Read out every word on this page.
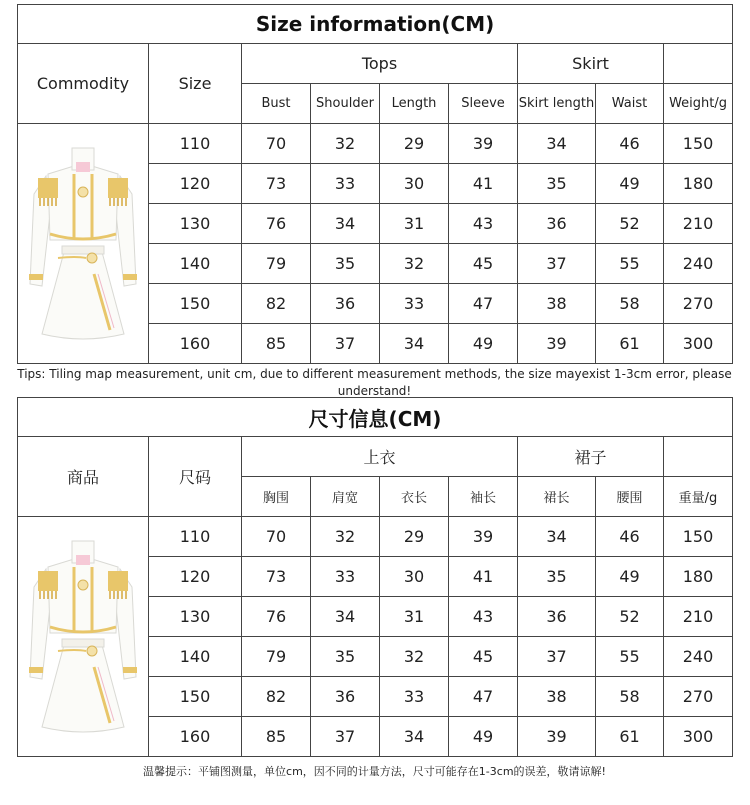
Size information(CM)								
Commodity	Size	Tops				Skirt		
		Bust	Shoulder	Length	Sleeve	Skirt length	Waist	Weight/g

	110	70	32	29	39	34	46	150
	120	73	33	30	41	35	49	180
	130	76	34	31	43	36	52	210
	140	79	35	32	45	37	55	240
	150	82	36	33	47	38	58	270
	160	85	37	34	49	39	61	300
Tips: Tiling map measurement, unit cm, due to different measurement methods, the size mayexist 1-3cm error, please understand!
尺寸信息(CM)								
商品	尺码	上衣				裙子		
		胸围	肩宽	衣长	袖长	裙长	腰围	重量/g

	110	70	32	29	39	34	46	150
	120	73	33	30	41	35	49	180
	130	76	34	31	43	36	52	210
	140	79	35	32	45	37	55	240
	150	82	36	33	47	38	58	270
	160	85	37	34	49	39	61	300
温馨提示：平铺图测量，单位cm，因不同的计量方法，尺寸可能存在1-3cm的误差，敬请谅解!
